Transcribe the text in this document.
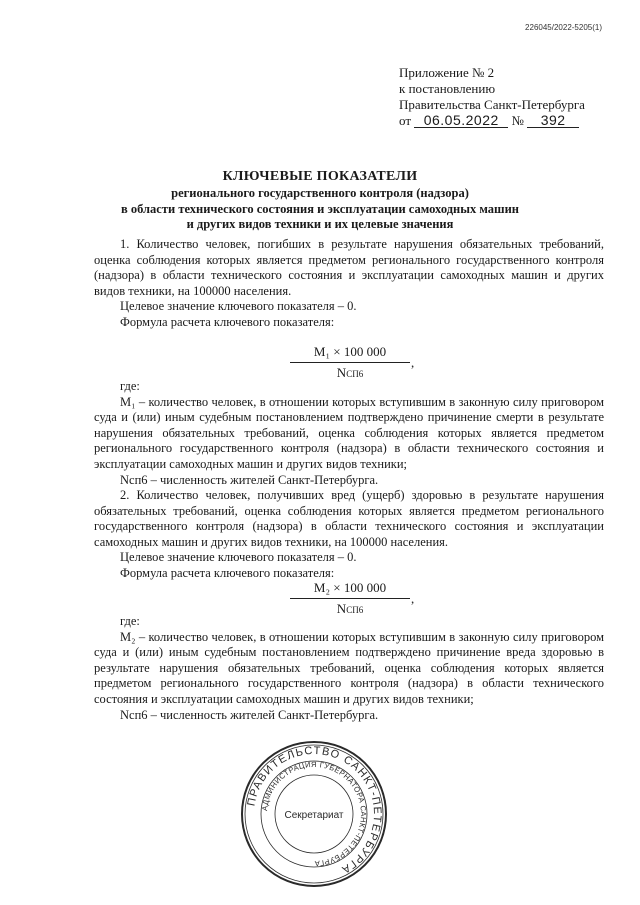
226045/2022-5205(1)
Приложение № 2
к постановлению
Правительства Санкт-Петербурга
от 06.05.2022 № 392
КЛЮЧЕВЫЕ ПОКАЗАТЕЛИ
регионального государственного контроля (надзора)
в области технического состояния и эксплуатации самоходных машин
и других видов техники и их целевые значения
1. Количество человек, погибших в результате нарушения обязательных требований, оценка соблюдения которых является предметом регионального государственного контроля (надзора) в области технического состояния и эксплуатации самоходных машин и других видов техники, на 100000 населения.
Целевое значение ключевого показателя – 0.
Формула расчета ключевого показателя:
M₁ × 100 000
NСП6
,
где:
М₁ – количество человек, в отношении которых вступившим в законную силу приговором суда и (или) иным судебным постановлением подтверждено причинение смерти в результате нарушения обязательных требований, оценка соблюдения которых является предметом регионального государственного контроля (надзора) в области технического состояния и эксплуатации самоходных машин и других видов техники;
Nсп6 – численность жителей Санкт-Петербурга.
2. Количество человек, получивших вред (ущерб) здоровью в результате нарушения обязательных требований, оценка соблюдения которых является предметом регионального государственного контроля (надзора) в области технического состояния и эксплуатации самоходных машин и других видов техники, на 100000 населения.
Целевое значение ключевого показателя – 0.
Формула расчета ключевого показателя:
M₂ × 100 000
NСП6
,
где:
М₂ – количество человек, в отношении которых вступившим в законную силу приговором суда и (или) иным судебным постановлением подтверждено причинение вреда здоровью в результате нарушения обязательных требований, оценка соблюдения которых является предметом регионального государственного контроля (надзора) в области технического состояния и эксплуатации самоходных машин и других видов техники;
Nсп6 – численность жителей Санкт-Петербурга.
ПРАВИТЕЛЬСТВО САНКТ-ПЕТЕРБУРГА
АДМИНИСТРАЦИЯ ГУБЕРНАТОРА САНКТ-ПЕТЕРБУРГА
Секретариат
